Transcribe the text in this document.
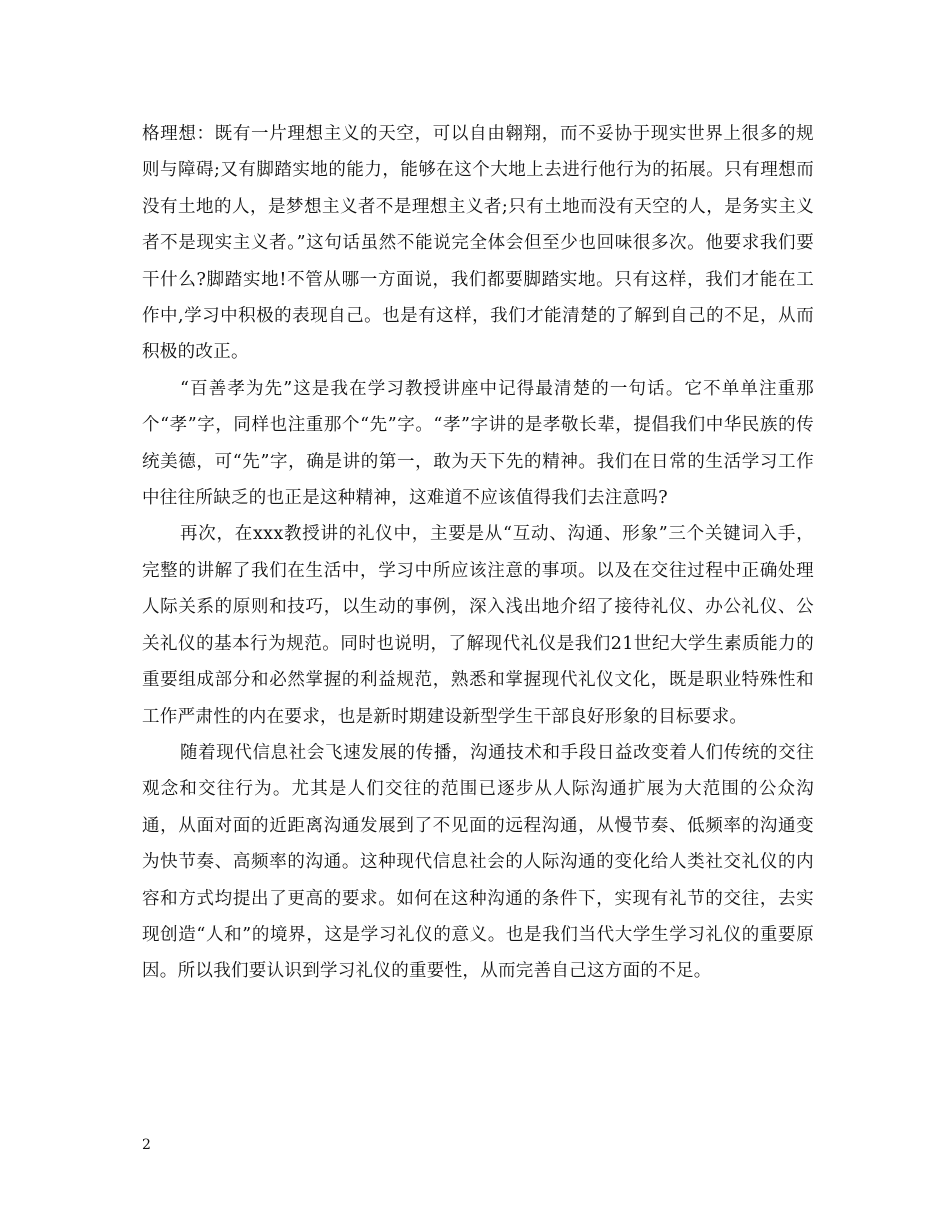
格理想：既有一片理想主义的天空，可以自由翱翔，而不妥协于现实世界上很多的规则与障碍;又有脚踏实地的能力，能够在这个大地上去进行他行为的拓展。只有理想而没有土地的人，是梦想主义者不是理想主义者;只有土地而没有天空的人，是务实主义者不是现实主义者。”这句话虽然不能说完全体会但至少也回味很多次。他要求我们要干什么?脚踏实地!不管从哪一方面说，我们都要脚踏实地。只有这样，我们才能在工作中,学习中积极的表现自己。也是有这样，我们才能清楚的了解到自己的不足，从而积极的改正。

“百善孝为先”这是我在学习教授讲座中记得最清楚的一句话。它不单单注重那个“孝”字，同样也注重那个“先”字。“孝”字讲的是孝敬长辈，提倡我们中华民族的传统美德，可“先”字，确是讲的第一，敢为天下先的精神。我们在日常的生活学习工作中往往所缺乏的也正是这种精神，这难道不应该值得我们去注意吗?

再次，在xxx教授讲的礼仪中，主要是从“互动、沟通、形象”三个关键词入手，完整的讲解了我们在生活中，学习中所应该注意的事项。以及在交往过程中正确处理人际关系的原则和技巧，以生动的事例，深入浅出地介绍了接待礼仪、办公礼仪、公关礼仪的基本行为规范。同时也说明，了解现代礼仪是我们21世纪大学生素质能力的重要组成部分和必然掌握的利益规范，熟悉和掌握现代礼仪文化，既是职业特殊性和工作严肃性的内在要求，也是新时期建设新型学生干部良好形象的目标要求。

随着现代信息社会飞速发展的传播，沟通技术和手段日益改变着人们传统的交往观念和交往行为。尤其是人们交往的范围已逐步从人际沟通扩展为大范围的公众沟通，从面对面的近距离沟通发展到了不见面的远程沟通，从慢节奏、低频率的沟通变为快节奏、高频率的沟通。这种现代信息社会的人际沟通的变化给人类社交礼仪的内容和方式均提出了更高的要求。如何在这种沟通的条件下，实现有礼节的交往，去实现创造“人和”的境界，这是学习礼仪的意义。也是我们当代大学生学习礼仪的重要原因。所以我们要认识到学习礼仪的重要性，从而完善自己这方面的不足。

2
